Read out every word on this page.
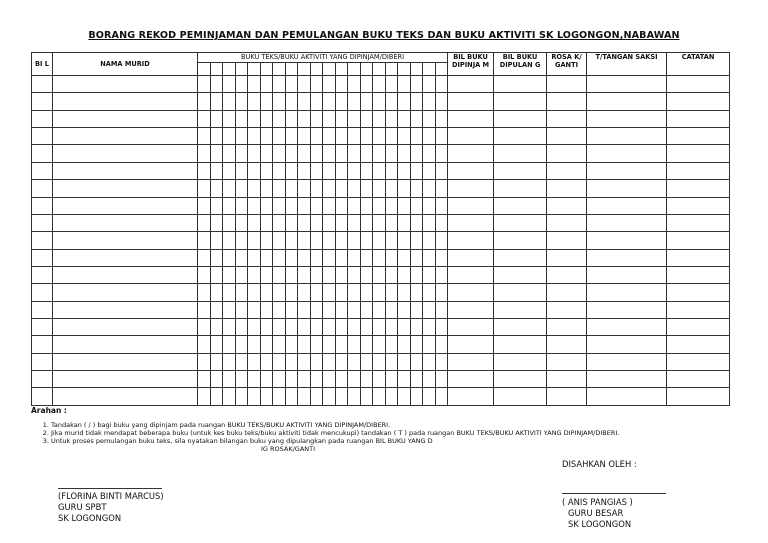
BORANG REKOD PEMINJAMAN DAN PEMULANGAN BUKU TEKS DAN BUKU AKTIVITI SK LOGONGON,NABAWAN
BI L	NAMA MURID	BUKU TEKS/BUKU AKTIVITI YANG DIPINJAM/DIBERI																				BIL BUKU DIPINJA M	BIL BUKU DIPULAN G	ROSA K/ GANTI	T/TANGAN SAKSI	CATATAN

Arahan :
1. Tandakan ( / ) bagi buku yang dipinjam pada ruangan BUKU TEKS/BUKU AKTIVITI YANG DIPINJAM/DIBERI.
2. Jika murid tidak mendapat beberapa buku (untuk kes buku teks/buku aktiviti tidak mencukupi) tandakan ( T ) pada ruangan BUKU TEKS/BUKU AKTIVITI YANG DIPINJAM/DIBERI.
3. Untuk proses pemulangan buku teks, sila nyatakan bilangan buku yang dipulangkan pada ruangan BIL BUKU YANG D
IG ROSAK/GANTI
(FLORINA BINTI MARCUS)
GURU SPBT
SK LOGONGON
DISAHKAN OLEH :
( ANIS PANGIAS )
GURU BESAR
SK LOGONGON
